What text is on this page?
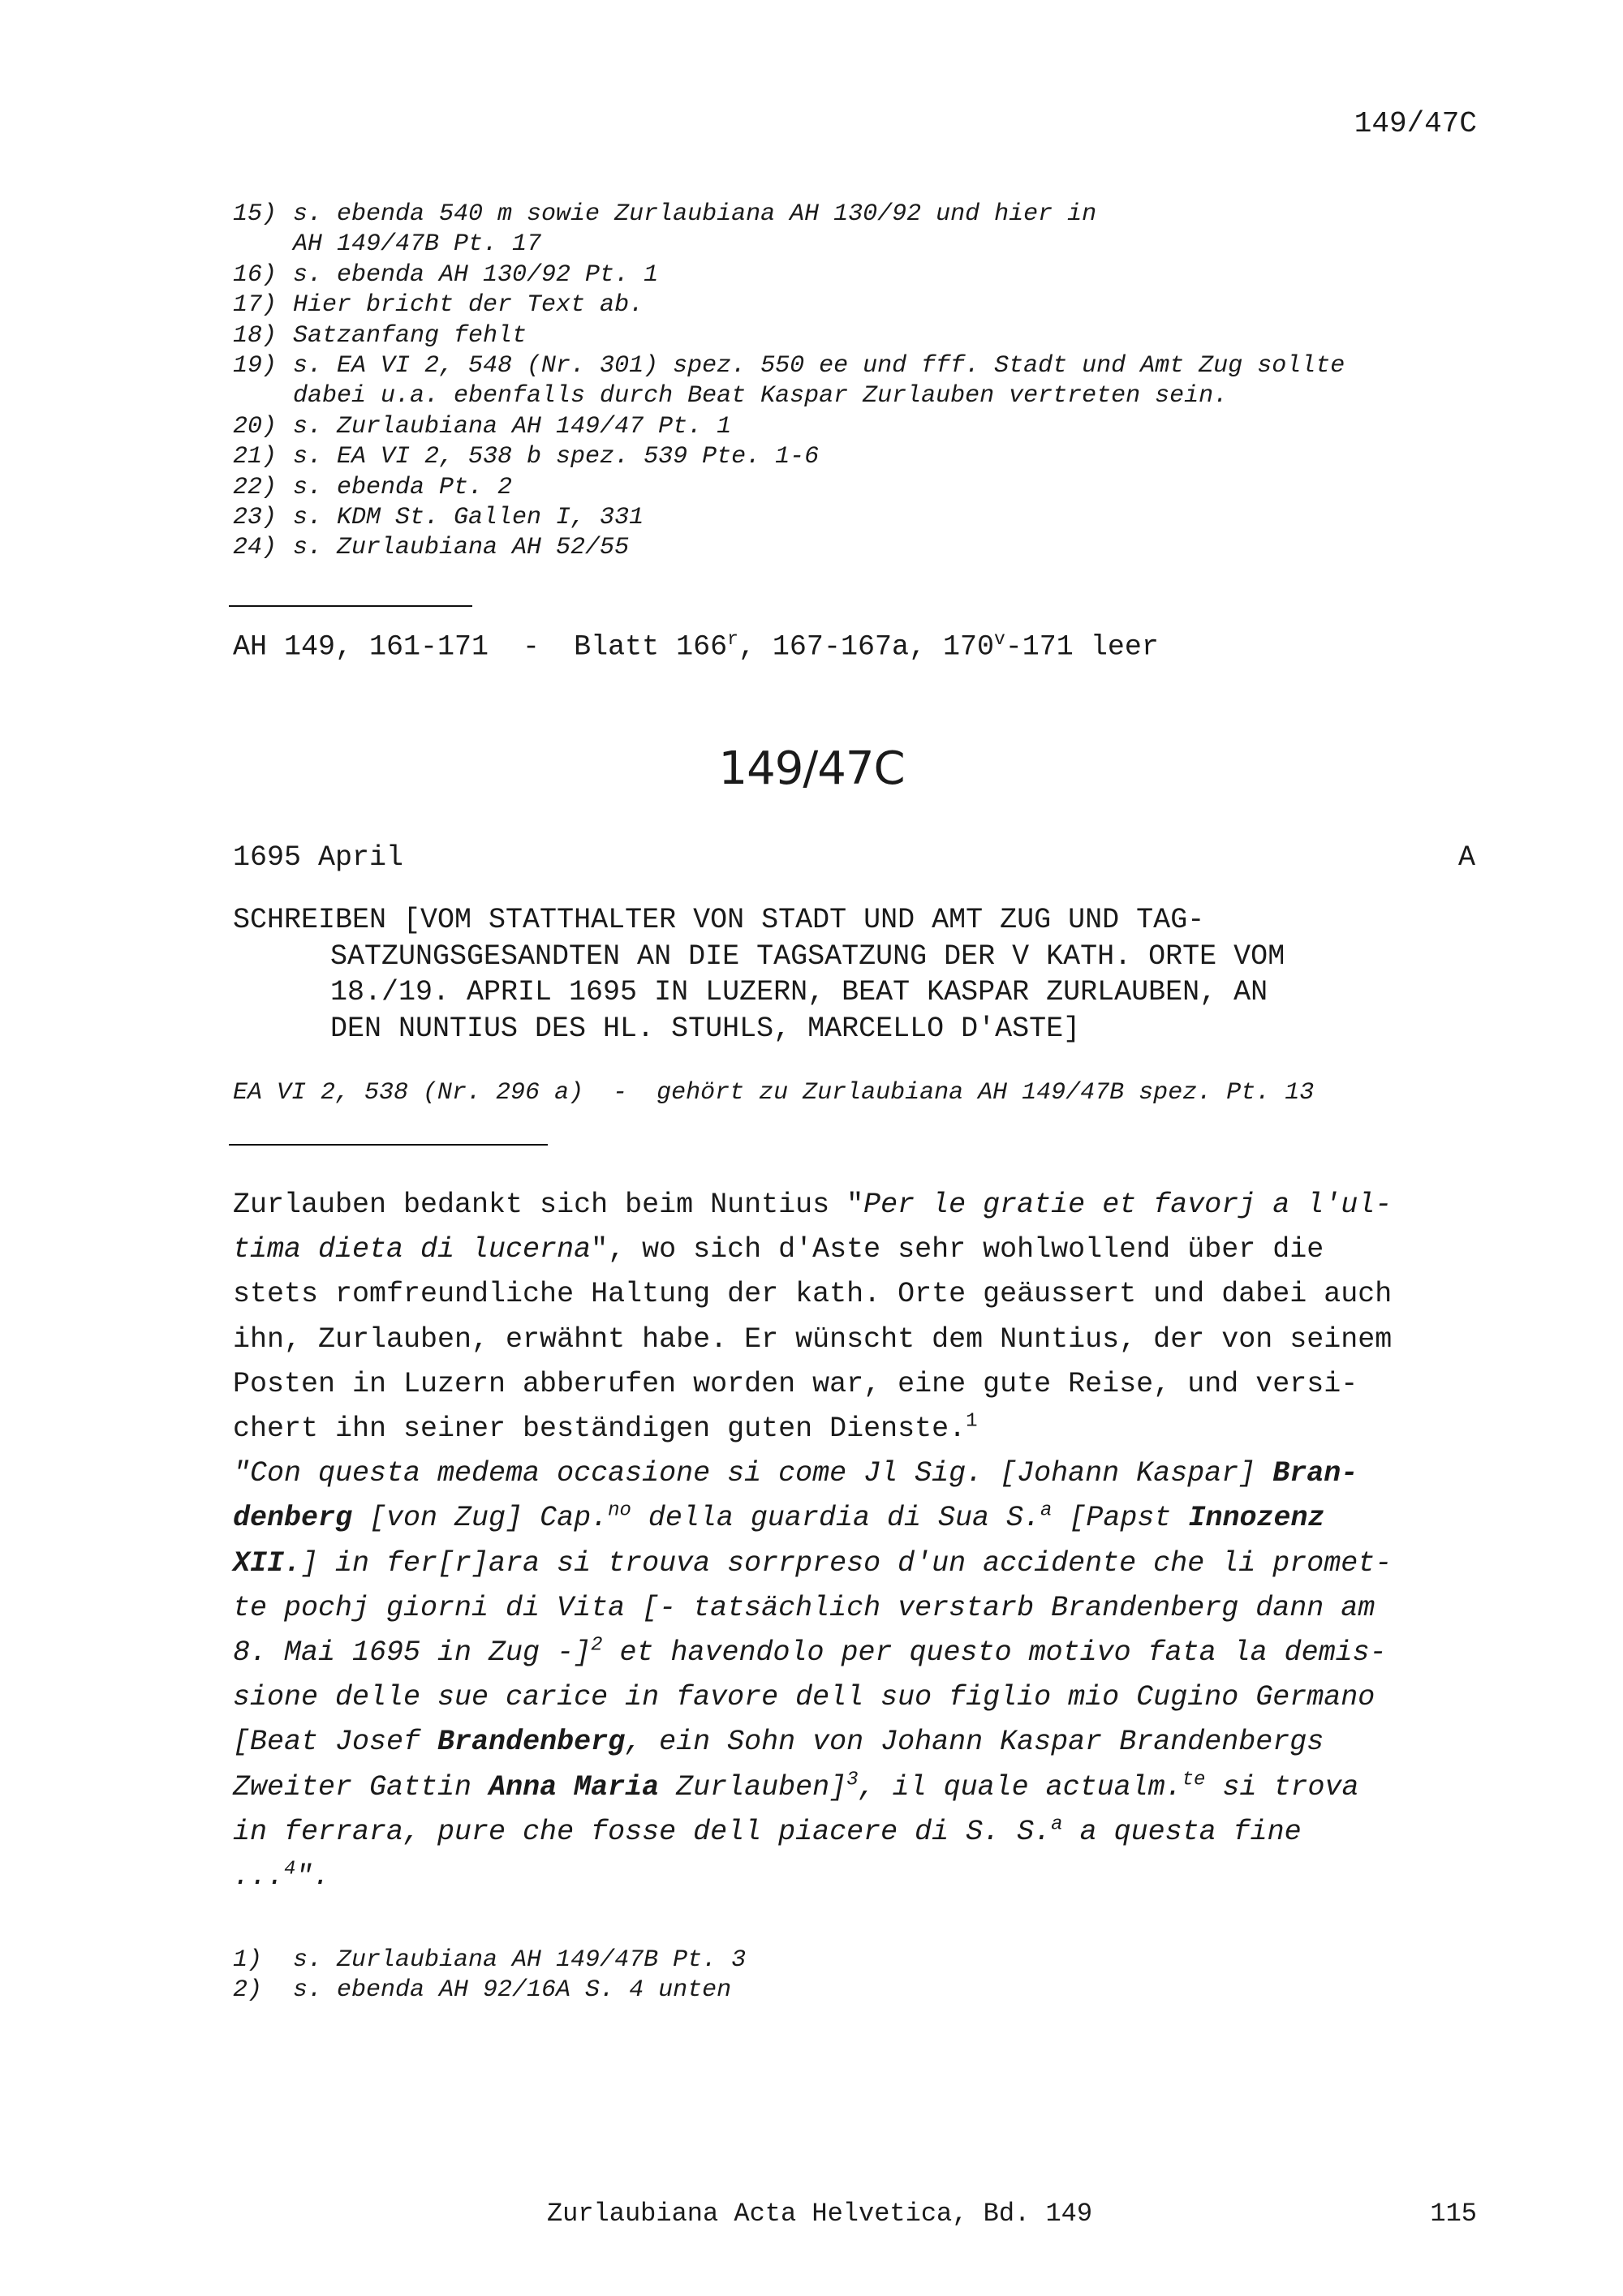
149/47C
15) s. ebenda 540 m sowie Zurlaubiana AH 130/92 und hier in
AH 149/47B Pt. 17
16) s. ebenda AH 130/92 Pt. 1
17) Hier bricht der Text ab.
18) Satzanfang fehlt
19) s. EA VI 2, 548 (Nr. 301) spez. 550 ee und fff. Stadt und Amt Zug sollte
dabei u.a. ebenfalls durch Beat Kaspar Zurlauben vertreten sein.
20) s. Zurlaubiana AH 149/47 Pt. 1
21) s. EA VI 2, 538 b spez. 539 Pte. 1-6
22) s. ebenda Pt. 2
23) s. KDM St. Gallen I, 331
24) s. Zurlaubiana AH 52/55
AH 149, 161-171  -  Blatt 166$^r$, 167-167a, 170$^v$-171 leer
149/47C
1695 April	A
SCHREIBEN [VOM STATTHALTER VON STADT UND AMT ZUG UND TAG-
SATZUNGSGESANDTEN AN DIE TAGSATZUNG DER V KATH. ORTE VOM
18./19. APRIL 1695 IN LUZERN, BEAT KASPAR ZURLAUBEN, AN
DEN NUNTIUS DES HL. STUHLS, MARCELLO D'ASTE]
EA VI 2, 538 (Nr. 296 a)  -  gehört zu Zurlaubiana AH 149/47B spez. Pt. 13
Zurlauben bedankt sich beim Nuntius "Per le gratie et favorj a l'ul-
tima dieta di lucerna", wo sich d'Aste sehr wohlwollend über die
stets romfreundliche Haltung der kath. Orte geäussert und dabei auch
ihn, Zurlauben, erwähnt habe. Er wünscht dem Nuntius, der von seinem
Posten in Luzern abberufen worden war, eine gute Reise, und versi-
chert ihn seiner beständigen guten Dienste.$^1$
"Con questa medema occasione si come Jl Sig. [Johann Kaspar] Bran-
denberg [von Zug] Cap.$^{no}$ della guardia di Sua S.$^a$ [Papst Innozenz
XII.] in fer[r]ara si trouva sorrpreso d'un accidente che li promet-
te pochj giorni di Vita [- tatsächlich verstarb Brandenberg dann am
8. Mai 1695 in Zug -]$^2$ et havendolo per questo motivo fata la demis-
sione delle sue carice in favore dell suo figlio mio Cugino Germano
[Beat Josef Brandenberg, ein Sohn von Johann Kaspar Brandenbergs
Zweiter Gattin Anna Maria Zurlauben]$^3$, il quale actualm.$^{te}$ si trova
in ferrara, pure che fosse dell piacere di S. S.$^a$ a questa fine
...$^4$".
1) s. Zurlaubiana AH 149/47B Pt. 3
2) s. ebenda AH 92/16A S. 4 unten
Zurlaubiana Acta Helvetica, Bd. 149	115
